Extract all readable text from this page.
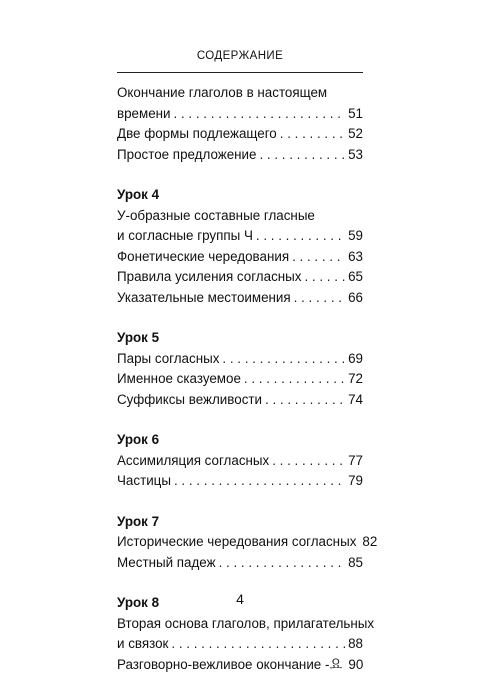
СОДЕРЖАНИЕ
Окончание глаголов в настоящем
времени . . .	51
Две формы подлежащего . . .	52
Простое предложение . . .	53
Урок 4
У-образные составные гласные
и согласные группы Ч . . .	59
Фонетические чередования . . .	63
Правила усиления согласных . . .	65
Указательные местоимения . . .	66
Урок 5
Пары согласных . . .	69
Именное сказуемое . . .	72
Суффиксы вежливости . . .	74
Урок 6
Ассимиляция согласных . . .	77
Частицы . . .	79
Урок 7
Исторические чередования согласных 82
Местный падеж . . .	85
Урок 8
Вторая основа глаголов, прилагательных
и связок . . .	88
Разговорно-вежливое окончание -요 90
4
